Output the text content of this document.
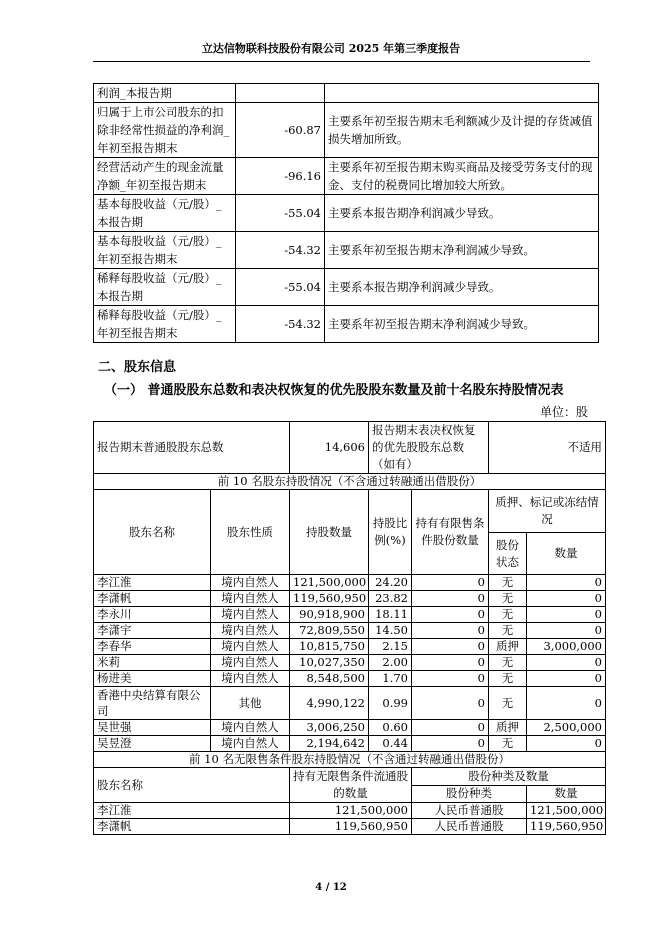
立达信物联科技股份有限公司 2025 年第三季度报告
利润_本报告期		
归属于上市公司股东的扣除非经常性损益的净利润_年初至报告期末	-60.87	主要系年初至报告期末毛利额减少及计提的存货减值损失增加所致。
经营活动产生的现金流量净额_年初至报告期末	-96.16	主要系年初至报告期末购买商品及接受劳务支付的现金、支付的税费同比增加较大所致。
基本每股收益（元/股）_本报告期	-55.04	主要系本报告期净利润减少导致。
基本每股收益（元/股）_年初至报告期末	-54.32	主要系年初至报告期末净利润减少导致。
稀释每股收益（元/股）_本报告期	-55.04	主要系本报告期净利润减少导致。
稀释每股收益（元/股）_年初至报告期末	-54.32	主要系年初至报告期末净利润减少导致。
二、股东信息
（一） 普通股股东总数和表决权恢复的优先股股东数量及前十名股东持股情况表
单位：股
报告期末普通股股东总数		14,606	报告期末表决权恢复的优先股股东总数（如有）		不适用	
前 10 名股东持股情况（不含通过转融通出借股份）						
股东名称	股东性质	持股数量	持股比例(%)	持有有限售条件股份数量	质押、标记或冻结情况	
					股份状态	数量
李江淮	境内自然人	121,500,000	24.20	0	无	0
李潇帆	境内自然人	119,560,950	23.82	0	无	0
李永川	境内自然人	90,918,900	18.11	0	无	0
李潇宇	境内自然人	72,809,550	14.50	0	无	0
李春华	境内自然人	10,815,750	2.15	0	质押	3,000,000
米莉	境内自然人	10,027,350	2.00	0	无	0
杨进美	境内自然人	8,548,500	1.70	0	无	0
香港中央结算有限公司	其他	4,990,122	0.99	0	无	0
吴世强	境内自然人	3,006,250	0.60	0	质押	2,500,000
吴昱澄	境内自然人	2,194,642	0.44	0	无	0
前 10 名无限售条件股东持股情况（不含通过转融通出借股份）						
股东名称		持有无限售条件流通股的数量		股份种类及数量		
				股份种类		数量
李江淮		121,500,000		人民币普通股		121,500,000
李潇帆		119,560,950		人民币普通股		119,560,950
4 / 12
